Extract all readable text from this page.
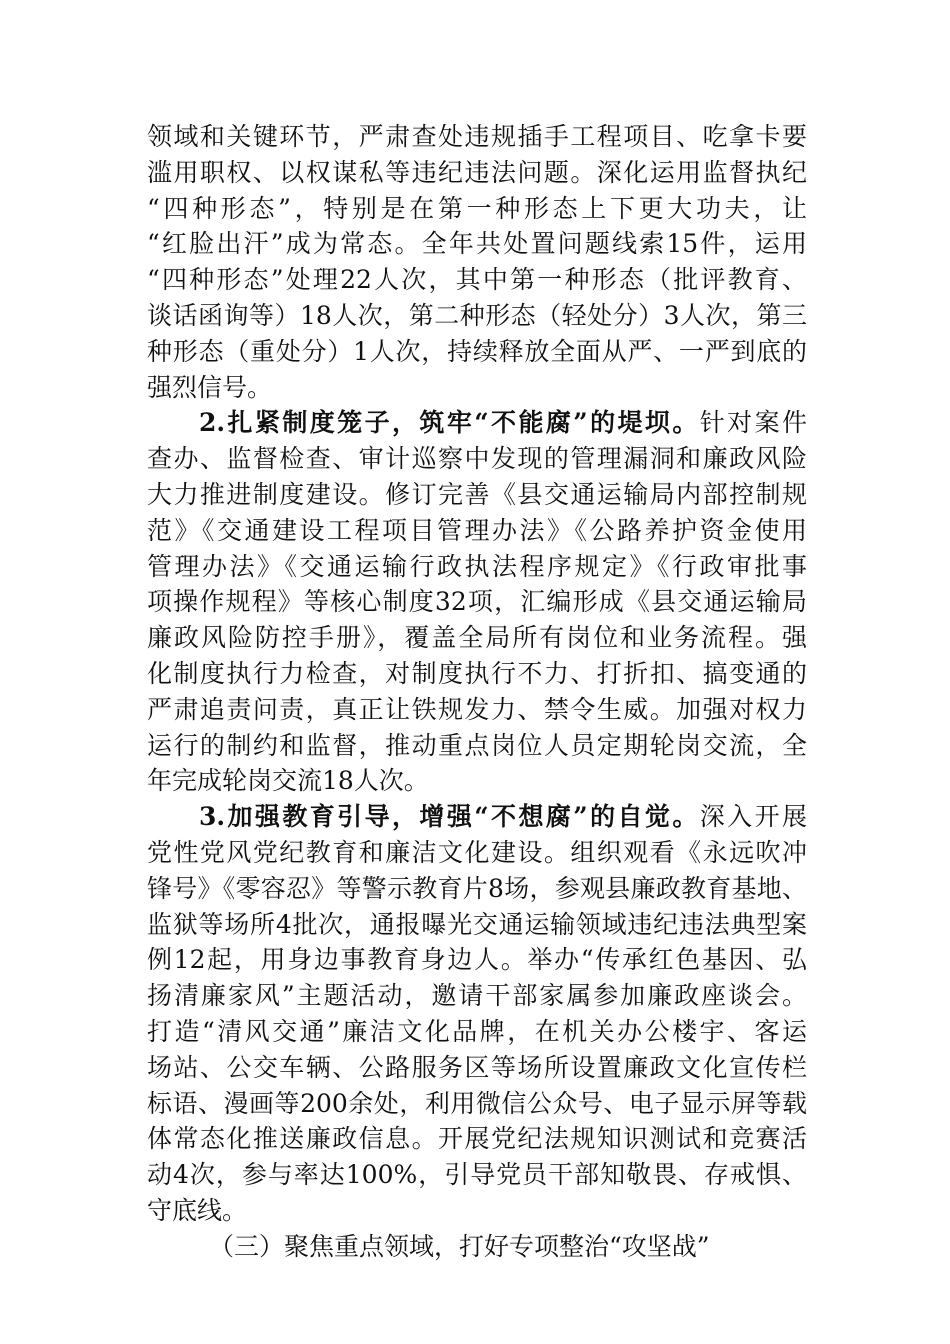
领域和关键环节，严肃查处违规插手工程项目、吃拿卡要
滥用职权、以权谋私等违纪违法问题。深化运用监督执纪
“四种形态”，特别是在第一种形态上下更大功夫，让
“红脸出汗”成为常态。全年共处置问题线索15件，运用
“四种形态”处理22人次，其中第一种形态（批评教育、
谈话函询等）18人次，第二种形态（轻处分）3人次，第三
种形态（重处分）1人次，持续释放全面从严、一严到底的
强烈信号。
2.扎紧制度笼子，筑牢“不能腐”的堤坝。针对案件
查办、监督检查、审计巡察中发现的管理漏洞和廉政风险
大力推进制度建设。修订完善《县交通运输局内部控制规
范》《交通建设工程项目管理办法》《公路养护资金使用
管理办法》《交通运输行政执法程序规定》《行政审批事
项操作规程》等核心制度32项，汇编形成《县交通运输局
廉政风险防控手册》，覆盖全局所有岗位和业务流程。强
化制度执行力检查，对制度执行不力、打折扣、搞变通的
严肃追责问责，真正让铁规发力、禁令生威。加强对权力
运行的制约和监督，推动重点岗位人员定期轮岗交流，全
年完成轮岗交流18人次。
3.加强教育引导，增强“不想腐”的自觉。深入开展
党性党风党纪教育和廉洁文化建设。组织观看《永远吹冲
锋号》《零容忍》等警示教育片8场，参观县廉政教育基地、
监狱等场所4批次，通报曝光交通运输领域违纪违法典型案
例12起，用身边事教育身边人。举办“传承红色基因、弘
扬清廉家风”主题活动，邀请干部家属参加廉政座谈会。
打造“清风交通”廉洁文化品牌，在机关办公楼宇、客运
场站、公交车辆、公路服务区等场所设置廉政文化宣传栏
标语、漫画等200余处，利用微信公众号、电子显示屏等载
体常态化推送廉政信息。开展党纪法规知识测试和竞赛活
动4次，参与率达100%，引导党员干部知敬畏、存戒惧、
守底线。
（三）聚焦重点领域，打好专项整治“攻坚战”
